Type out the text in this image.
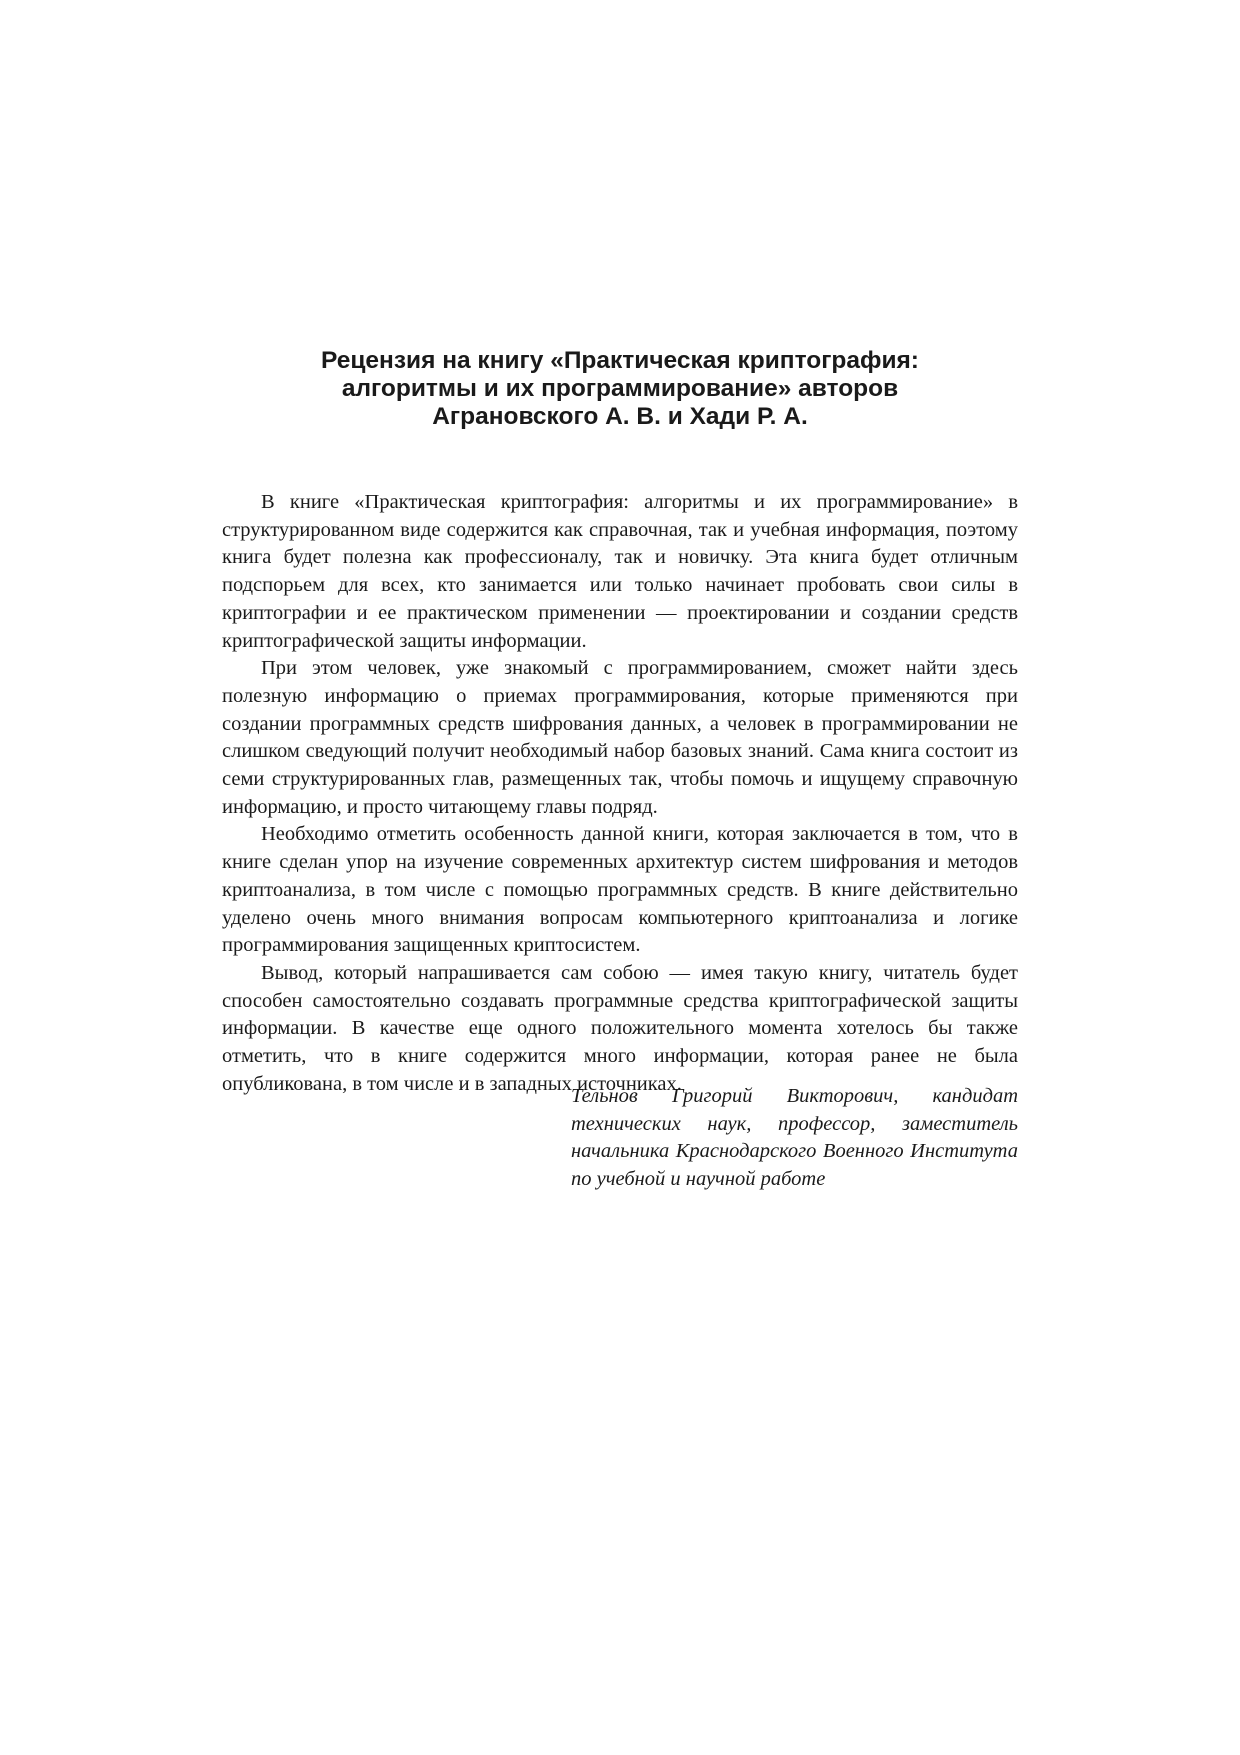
Рецензия на книгу «Практическая криптография:
алгоритмы и их программирование» авторов
Аграновского А. В. и Хади Р. А.

В книге «Практическая криптография: алгоритмы и их программирование» в структурированном виде содержится как справочная, так и учебная информация, поэтому книга будет полезна как профессионалу, так и новичку. Эта книга будет отличным подспорьем для всех, кто занимается или только начинает пробовать свои силы в криптографии и ее практическом применении — проектировании и создании средств криптографической защиты информации.

При этом человек, уже знакомый с программированием, сможет найти здесь полезную информацию о приемах программирования, которые применяются при создании программных средств шифрования данных, а человек в программировании не слишком сведующий получит необходимый набор базовых знаний. Сама книга состоит из семи структурированных глав, размещенных так, чтобы помочь и ищущему справочную информацию, и просто читающему главы подряд.

Необходимо отметить особенность данной книги, которая заключается в том, что в книге сделан упор на изучение современных архитектур систем шифрования и методов криптоанализа, в том числе с помощью программных средств. В книге действительно уделено очень много внимания вопросам компьютерного криптоанализа и логике программирования защищенных криптосистем.

Вывод, который напрашивается сам собою — имея такую книгу, читатель будет способен самостоятельно создавать программные средства криптографической защиты информации. В качестве еще одного положительного момента хотелось бы также отметить, что в книге содержится много информации, которая ранее не была опубликована, в том числе и в западных источниках.

Тельнов Григорий Викторович, кандидат технических наук, профессор, заместитель начальника Краснодарского Военного Института по учебной и научной работе
